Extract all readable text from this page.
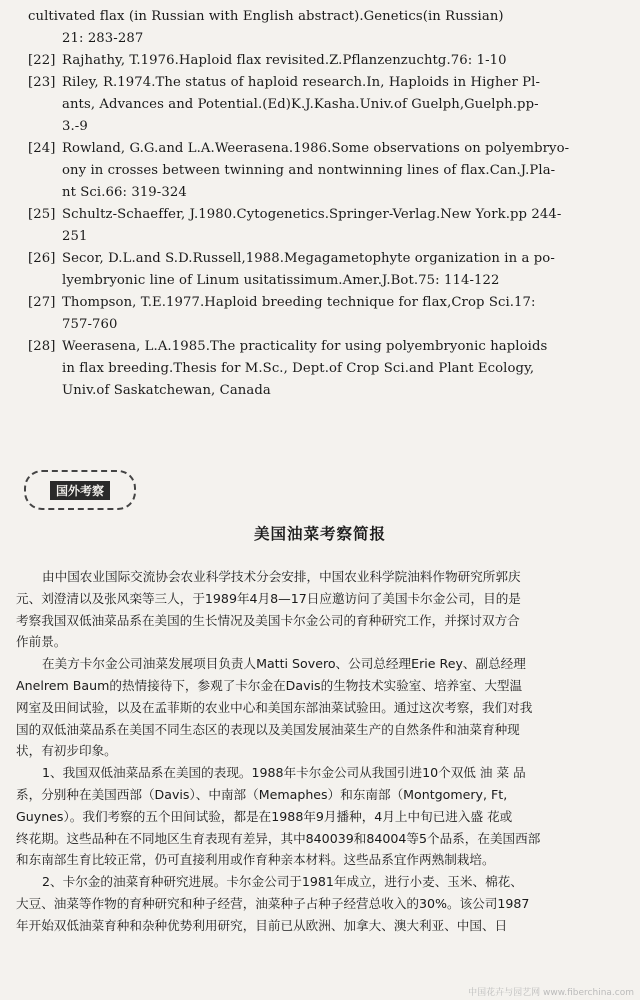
cultivated flax (in Russian with English abstract).Genetics(in Russian)
21: 283-287
[22] Rajhathy, T.1976.Haploid flax revisited.Z.Pflanzenzuchtg.76: 1-10
[23] Riley, R.1974.The status of haploid research.In, Haploids in Higher Pl-
ants, Advances and Potential.(Ed)K.J.Kasha.Univ.of Guelph,Guelph.pp-
3.-9
[24] Rowland, G.G.and L.A.Weerasena.1986.Some observations on polyembryo-
ony in crosses between twinning and nontwinning lines of flax.Can.J.Pla-
nt Sci.66: 319-324
[25] Schultz-Schaeffer, J.1980.Cytogenetics.Springer-Verlag.New York.pp 244-
251
[26] Secor, D.L.and S.D.Russell,1988.Megagametophyte organization in a po-
lyembryonic line of Linum usitatissimum.Amer.J.Bot.75: 114-122
[27] Thompson, T.E.1977.Haploid breeding technique for flax,Crop Sci.17:
757-760
[28] Weerasena, L.A.1985.The practicality for using polyembryonic haploids
in flax breeding.Thesis for M.Sc., Dept.of Crop Sci.and Plant Ecology,
Univ.of Saskatchewan, Canada
国外考察
美国油菜考察简报
由中国农业国际交流协会农业科学技术分会安排，中国农业科学院油料作物研究所郭庆
元、刘澄清以及张风栾等三人，于1989年4月8—17日应邀访问了美国卡尔金公司，目的是
考察我国双低油菜品系在美国的生长情况及美国卡尔金公司的育种研究工作，并探讨双方合
作前景。
在美方卡尔金公司油菜发展项目负责人Matti Sovero、公司总经理Erie Rey、副总经理
Anelrem Baum的热情接待下，参观了卡尔金在Davis的生物技术实验室、培养室、大型温
网室及田间试验，以及在孟菲斯的农业中心和美国东部油菜试验田。通过这次考察，我们对我
国的双低油菜品系在美国不同生态区的表现以及美国发展油菜生产的自然条件和油菜育种现
状，有初步印象。
1、我国双低油菜品系在美国的表现。1988年卡尔金公司从我国引进10个双低 油 菜 品
系，分别种在美国西部（Davis）、中南部（Memaphes）和东南部（Montgomery, Ft,
Guynes）。我们考察的五个田间试验，都是在1988年9月播种，4月上中旬已进入盛 花或
终花期。这些品种在不同地区生育表现有差异，其中840039和84004等5个品系，在美国西部
和东南部生育比较正常，仍可直接利用或作育种亲本材料。这些品系宜作两熟制栽培。
2、卡尔金的油菜育种研究进展。卡尔金公司于1981年成立，进行小麦、玉米、棉花、
大豆、油菜等作物的育种研究和种子经营，油菜种子占种子经营总收入的30%。该公司1987
年开始双低油菜育种和杂种优势利用研究，目前已从欧洲、加拿大、澳大利亚、中国、日
中国花卉与园艺网 www.fiberchina.com
